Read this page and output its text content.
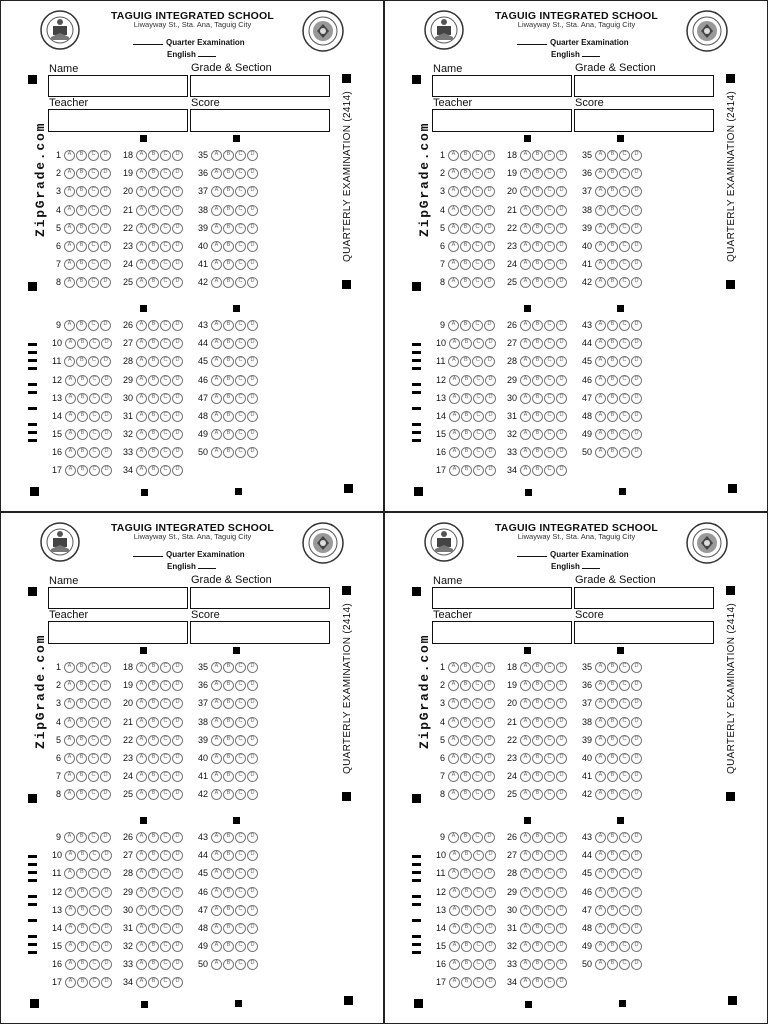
TAGUIG INTEGRATED SCHOOL
Liwayway St., Sta. Ana, Taguig City
Quarter Examination
English
Name	Grade & Section
Teacher	Score
ZipGrade.com	QUARTERLY EXAMINATION (2414)
1	A	B	C	D
2	A	B	C	D
3	A	B	C	D
4	A	B	C	D
5	A	B	C	D
6	A	B	C	D
7	A	B	C	D
8	A	B	C	D
9	A	B	C	D
10	A	B	C	D
11	A	B	C	D
12	A	B	C	D
13	A	B	C	D
14	A	B	C	D
15	A	B	C	D
16	A	B	C	D
17	A	B	C	D
18	A	B	C	D
19	A	B	C	D
20	A	B	C	D
21	A	B	C	D
22	A	B	C	D
23	A	B	C	D
24	A	B	C	D
25	A	B	C	D
26	A	B	C	D
27	A	B	C	D
28	A	B	C	D
29	A	B	C	D
30	A	B	C	D
31	A	B	C	D
32	A	B	C	D
33	A	B	C	D
34	A	B	C	D
35	A	B	C	D
36	A	B	C	D
37	A	B	C	D
38	A	B	C	D
39	A	B	C	D
40	A	B	C	D
41	A	B	C	D
42	A	B	C	D
43	A	B	C	D
44	A	B	C	D
45	A	B	C	D
46	A	B	C	D
47	A	B	C	D
48	A	B	C	D
49	A	B	C	D
50	A	B	C	D
TAGUIG INTEGRATED SCHOOL
Liwayway St., Sta. Ana, Taguig City
Quarter Examination
English
Name	Grade & Section
Teacher	Score
ZipGrade.com	QUARTERLY EXAMINATION (2414)
1	A	B	C	D
2	A	B	C	D
3	A	B	C	D
4	A	B	C	D
5	A	B	C	D
6	A	B	C	D
7	A	B	C	D
8	A	B	C	D
9	A	B	C	D
10	A	B	C	D
11	A	B	C	D
12	A	B	C	D
13	A	B	C	D
14	A	B	C	D
15	A	B	C	D
16	A	B	C	D
17	A	B	C	D
18	A	B	C	D
19	A	B	C	D
20	A	B	C	D
21	A	B	C	D
22	A	B	C	D
23	A	B	C	D
24	A	B	C	D
25	A	B	C	D
26	A	B	C	D
27	A	B	C	D
28	A	B	C	D
29	A	B	C	D
30	A	B	C	D
31	A	B	C	D
32	A	B	C	D
33	A	B	C	D
34	A	B	C	D
35	A	B	C	D
36	A	B	C	D
37	A	B	C	D
38	A	B	C	D
39	A	B	C	D
40	A	B	C	D
41	A	B	C	D
42	A	B	C	D
43	A	B	C	D
44	A	B	C	D
45	A	B	C	D
46	A	B	C	D
47	A	B	C	D
48	A	B	C	D
49	A	B	C	D
50	A	B	C	D
TAGUIG INTEGRATED SCHOOL
Liwayway St., Sta. Ana, Taguig City
Quarter Examination
English
Name	Grade & Section
Teacher	Score
ZipGrade.com	QUARTERLY EXAMINATION (2414)
1	A	B	C	D
2	A	B	C	D
3	A	B	C	D
4	A	B	C	D
5	A	B	C	D
6	A	B	C	D
7	A	B	C	D
8	A	B	C	D
9	A	B	C	D
10	A	B	C	D
11	A	B	C	D
12	A	B	C	D
13	A	B	C	D
14	A	B	C	D
15	A	B	C	D
16	A	B	C	D
17	A	B	C	D
18	A	B	C	D
19	A	B	C	D
20	A	B	C	D
21	A	B	C	D
22	A	B	C	D
23	A	B	C	D
24	A	B	C	D
25	A	B	C	D
26	A	B	C	D
27	A	B	C	D
28	A	B	C	D
29	A	B	C	D
30	A	B	C	D
31	A	B	C	D
32	A	B	C	D
33	A	B	C	D
34	A	B	C	D
35	A	B	C	D
36	A	B	C	D
37	A	B	C	D
38	A	B	C	D
39	A	B	C	D
40	A	B	C	D
41	A	B	C	D
42	A	B	C	D
43	A	B	C	D
44	A	B	C	D
45	A	B	C	D
46	A	B	C	D
47	A	B	C	D
48	A	B	C	D
49	A	B	C	D
50	A	B	C	D
TAGUIG INTEGRATED SCHOOL
Liwayway St., Sta. Ana, Taguig City
Quarter Examination
English
Name	Grade & Section
Teacher	Score
ZipGrade.com	QUARTERLY EXAMINATION (2414)
1	A	B	C	D
2	A	B	C	D
3	A	B	C	D
4	A	B	C	D
5	A	B	C	D
6	A	B	C	D
7	A	B	C	D
8	A	B	C	D
9	A	B	C	D
10	A	B	C	D
11	A	B	C	D
12	A	B	C	D
13	A	B	C	D
14	A	B	C	D
15	A	B	C	D
16	A	B	C	D
17	A	B	C	D
18	A	B	C	D
19	A	B	C	D
20	A	B	C	D
21	A	B	C	D
22	A	B	C	D
23	A	B	C	D
24	A	B	C	D
25	A	B	C	D
26	A	B	C	D
27	A	B	C	D
28	A	B	C	D
29	A	B	C	D
30	A	B	C	D
31	A	B	C	D
32	A	B	C	D
33	A	B	C	D
34	A	B	C	D
35	A	B	C	D
36	A	B	C	D
37	A	B	C	D
38	A	B	C	D
39	A	B	C	D
40	A	B	C	D
41	A	B	C	D
42	A	B	C	D
43	A	B	C	D
44	A	B	C	D
45	A	B	C	D
46	A	B	C	D
47	A	B	C	D
48	A	B	C	D
49	A	B	C	D
50	A	B	C	D
